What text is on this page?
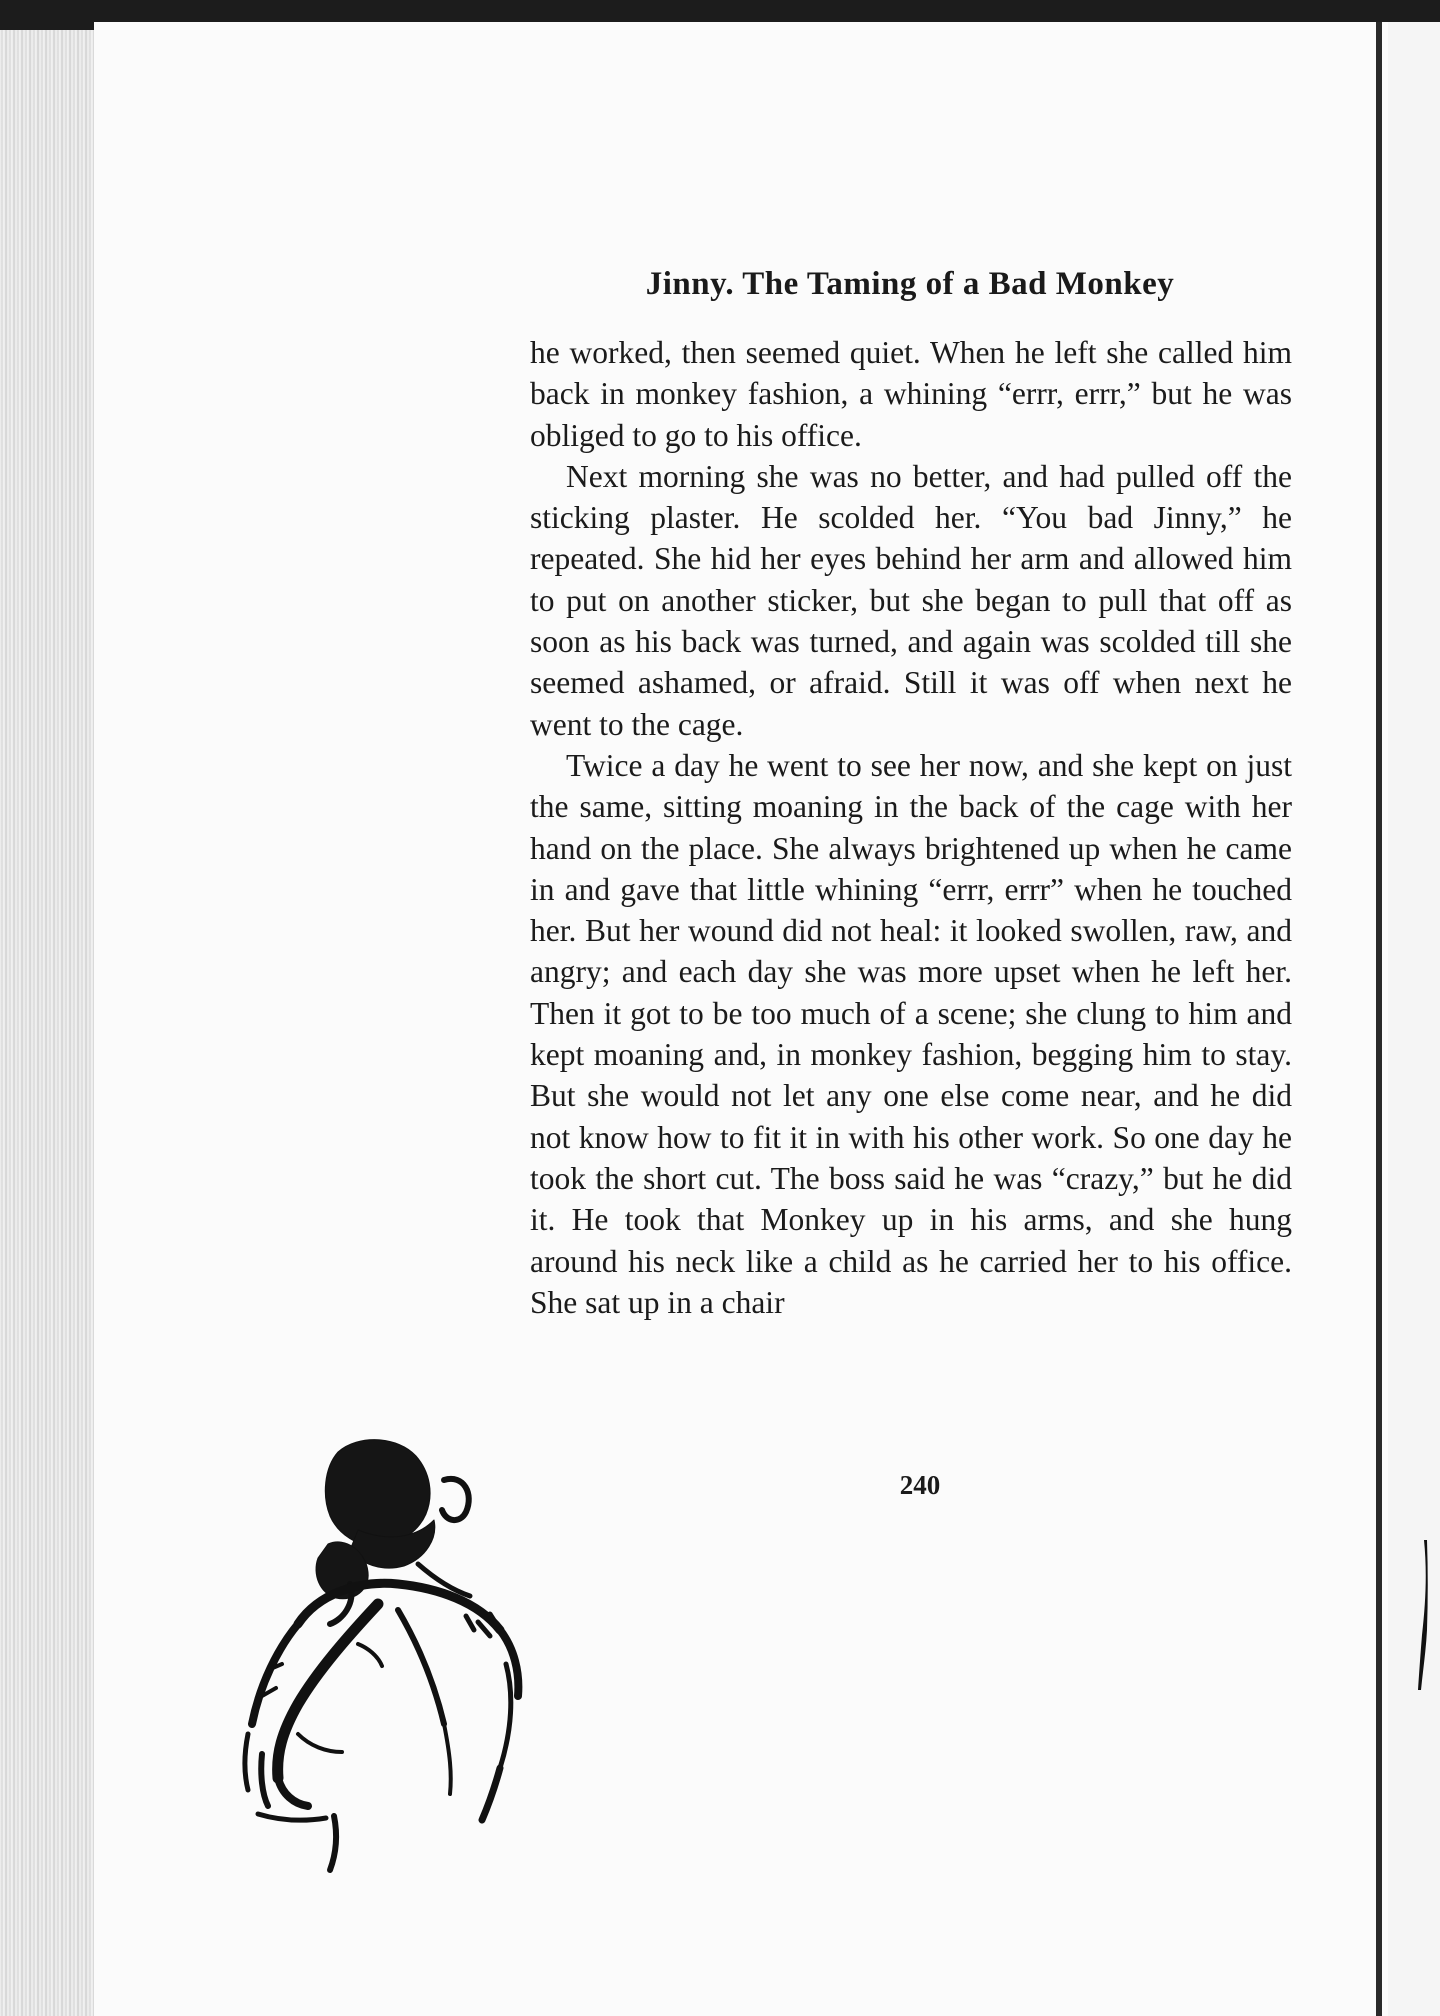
Jinny. The Taming of a Bad Monkey

he worked, then seemed quiet. When he left she called him back in monkey fashion, a whining “errr, errr,” but he was obliged to go to his office.

Next morning she was no better, and had pulled off the sticking plaster. He scolded her. “You bad Jinny,” he repeated. She hid her eyes behind her arm and allowed him to put on another sticker, but she began to pull that off as soon as his back was turned, and again was scolded till she seemed ashamed, or afraid. Still it was off when next he went to the cage.

Twice a day he went to see her now, and she kept on just the same, sitting moaning in the back of the cage with her hand on the place. She always brightened up when he came in and gave that little whining “errr, errr” when he touched her. But her wound did not heal: it looked swollen, raw, and angry; and each day she was more upset when he left her. Then it got to be too much of a scene; she clung to him and kept moaning and, in monkey fashion, begging him to stay. But she would not let any one else come near, and he did not know how to fit it in with his other work. So one day he took the short cut. The boss said he was “crazy,” but he did it. He took that Monkey up in his arms, and she hung around his neck like a child as he carried her to his office. She sat up in a chair

240
